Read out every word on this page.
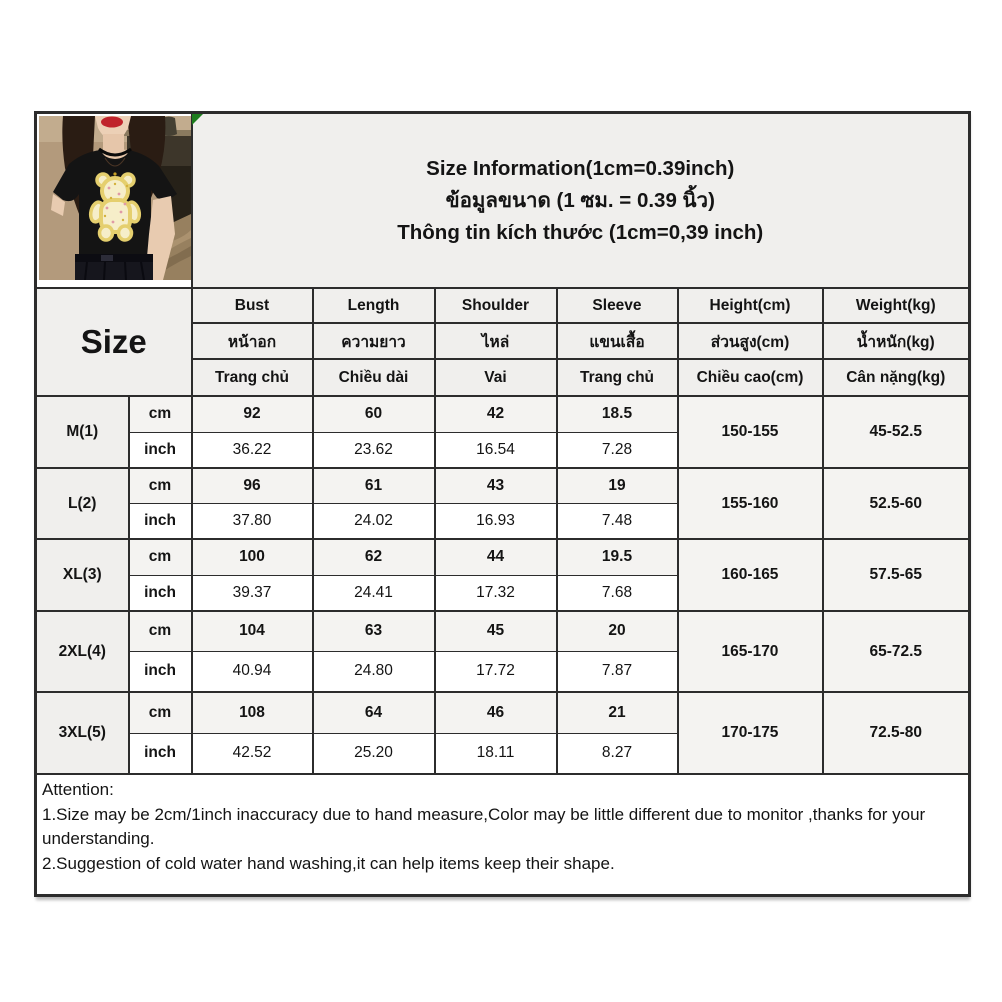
Size Information(1cm=0.39inch)
ข้อมูลขนาด (1 ซม. = 0.39 นิ้ว)
Thông tin kích thước (1cm=0,39 inch)					

Size		Bust	Length	Shoulder	Sleeve	Height(cm)	Weight(kg)
		หน้าอก	ความยาว	ไหล่	แขนเสื้อ	ส่วนสูง(cm)	น้ำหนัก(kg)
		Trang chủ	Chiều dài	Vai	Trang chủ	Chiều cao(cm)	Cân nặng(kg)
M(1)	cm	92	60	42	18.5	150-155	45-52.5
	inch	36.22	23.62	16.54	7.28		
L(2)	cm	96	61	43	19	155-160	52.5-60
	inch	37.80	24.02	16.93	7.48		
XL(3)	cm	100	62	44	19.5	160-165	57.5-65
	inch	39.37	24.41	17.32	7.68		
2XL(4)	cm	104	63	45	20	165-170	65-72.5
	inch	40.94	24.80	17.72	7.87		
3XL(5)	cm	108	64	46	21	170-175	72.5-80
	inch	42.52	25.20	18.11	8.27		

Attention:
1.Size may be 2cm/1inch inaccuracy due to hand measure,Color may be little different due to monitor ,thanks for your understanding.
2.Suggestion of cold water hand washing,it can help items keep their shape.							
